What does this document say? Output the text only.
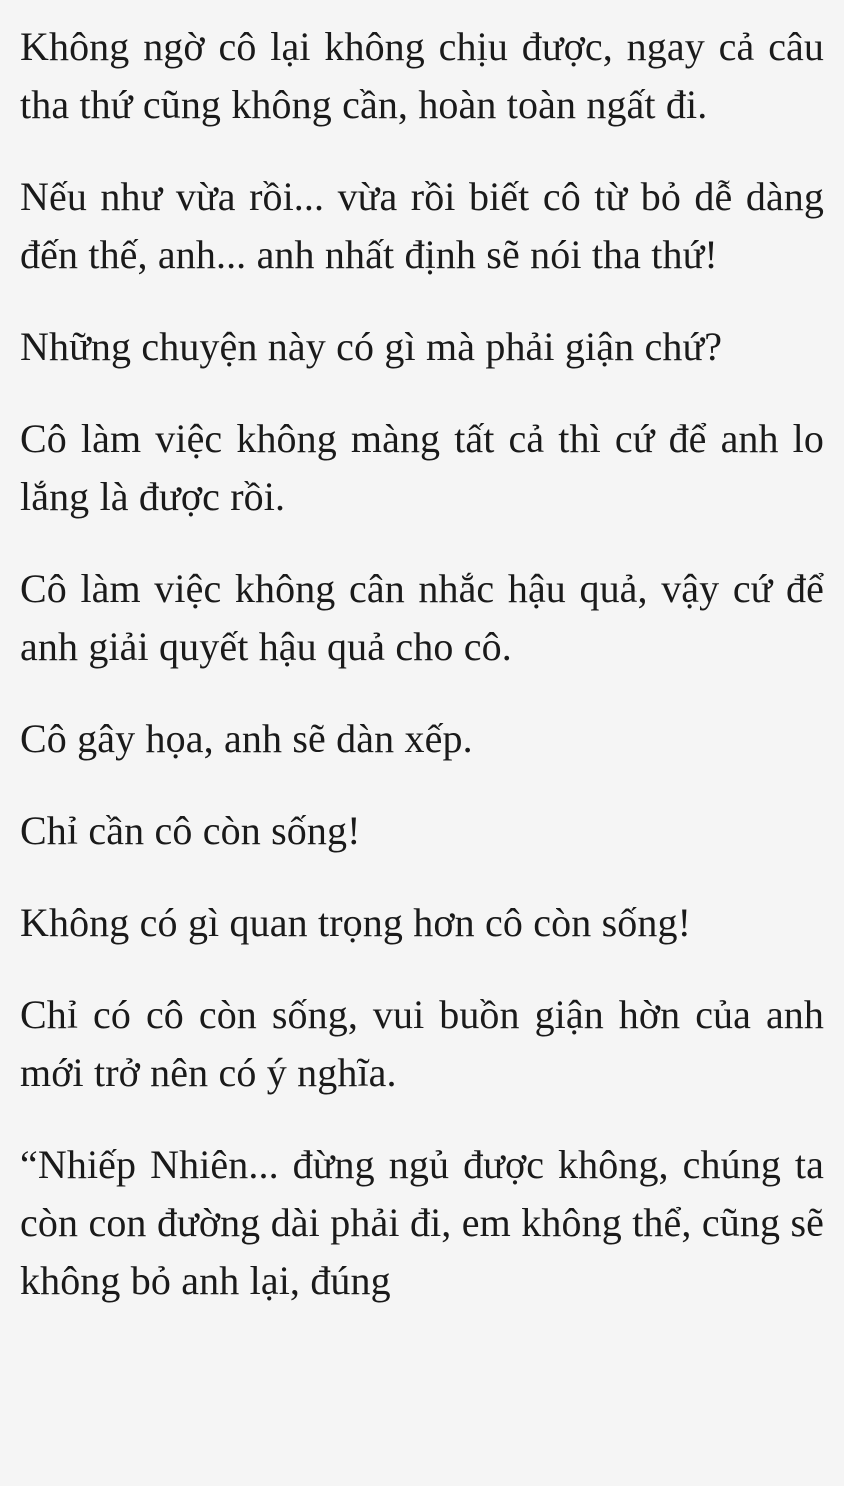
Không ngờ cô lại không chịu được, ngay cả câu tha thứ cũng không cần, hoàn toàn ngất đi.

Nếu như vừa rồi... vừa rồi biết cô từ bỏ dễ dàng đến thế, anh... anh nhất định sẽ nói tha thứ!

Những chuyện này có gì mà phải giận chứ?

Cô làm việc không màng tất cả thì cứ để anh lo lắng là được rồi.

Cô làm việc không cân nhắc hậu quả, vậy cứ để anh giải quyết hậu quả cho cô.

Cô gây họa, anh sẽ dàn xếp.

Chỉ cần cô còn sống!

Không có gì quan trọng hơn cô còn sống!

Chỉ có cô còn sống, vui buồn giận hờn của anh mới trở nên có ý nghĩa.

“Nhiếp Nhiên... đừng ngủ được không, chúng ta còn con đường dài phải đi, em không thể, cũng sẽ không bỏ anh lại, đúng
